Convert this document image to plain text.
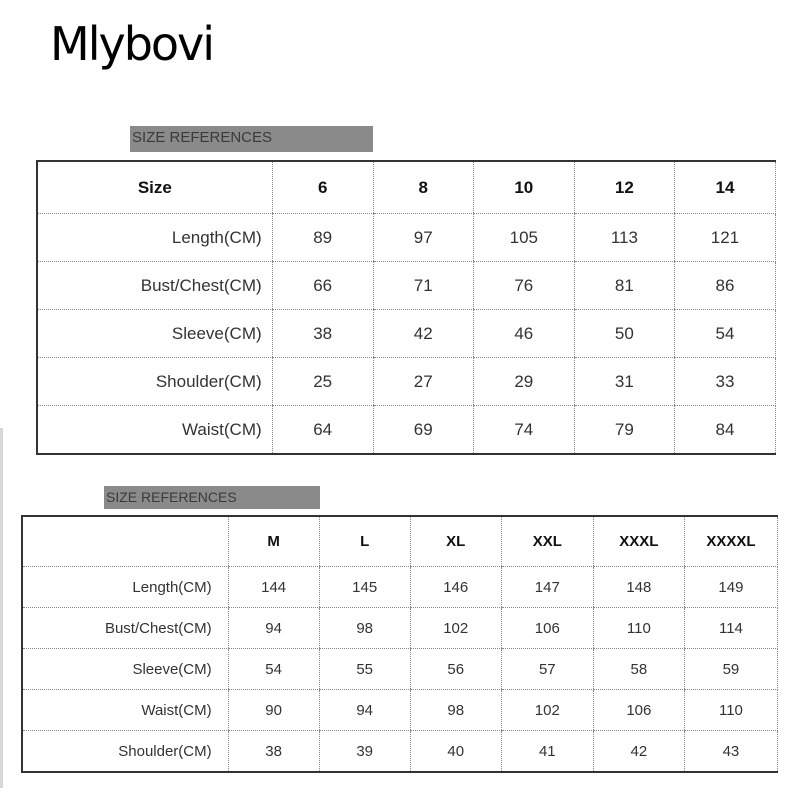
Mlybovi
SIZE REFERENCES
Size	6	8	10	12	14
Length(CM)	89	97	105	113	121
Bust/Chest(CM)	66	71	76	81	86
Sleeve(CM)	38	42	46	50	54
Shoulder(CM)	25	27	29	31	33
Waist(CM)	64	69	74	79	84
SIZE REFERENCES
	M	L	XL	XXL	XXXL	XXXXL
Length(CM)	144	145	146	147	148	149
Bust/Chest(CM)	94	98	102	106	110	114
Sleeve(CM)	54	55	56	57	58	59
Waist(CM)	90	94	98	102	106	110
Shoulder(CM)	38	39	40	41	42	43
